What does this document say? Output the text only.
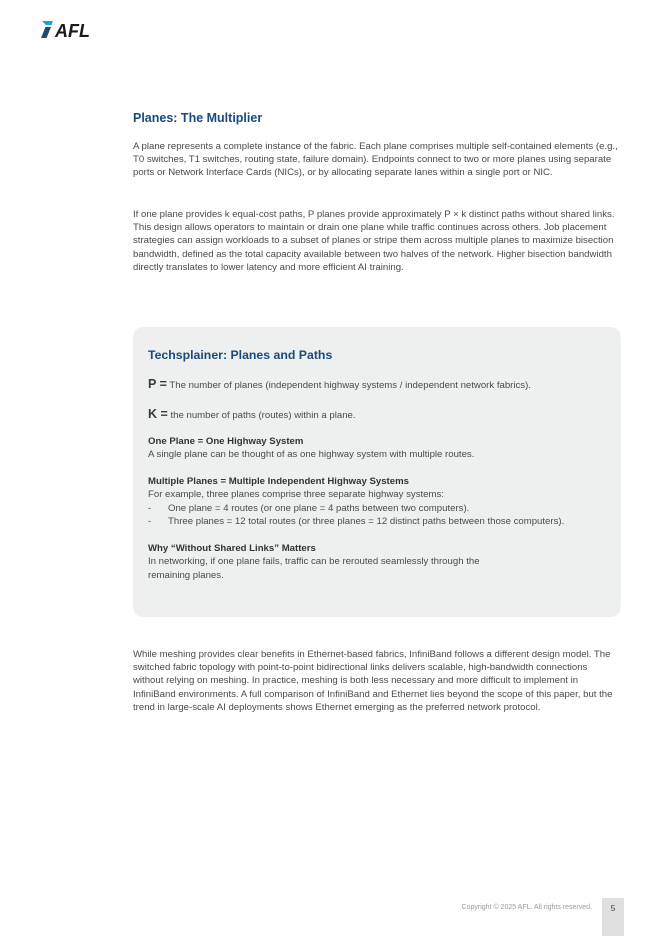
AFL
Planes: The Multiplier

A plane represents a complete instance of the fabric. Each plane comprises multiple self-contained elements (e.g., T0 switches, T1 switches, routing state, failure domain). Endpoints connect to two or more planes using separate ports or Network Interface Cards (NICs), or by allocating separate lanes within a single port or NIC.

If one plane provides k equal-cost paths, P planes provide approximately P × k distinct paths without shared links. This design allows operators to maintain or drain one plane while traffic continues across others. Job placement strategies can assign workloads to a subset of planes or stripe them across multiple planes to maximize bisection bandwidth, defined as the total capacity available between two halves of the network. Higher bisection bandwidth directly translates to lower latency and more efficient AI training.

Techsplainer: Planes and Paths
P = The number of planes (independent highway systems / independent network fabrics).
K = the number of paths (routes) within a plane.
One Plane = One Highway System
A single plane can be thought of as one highway system with multiple routes.
Multiple Planes = Multiple Independent Highway Systems
For example, three planes comprise three separate highway systems:
- One plane = 4 routes (or one plane = 4 paths between two computers).
- Three planes = 12 total routes (or three planes = 12 distinct paths between those computers).
Why “Without Shared Links” Matters
In networking, if one plane fails, traffic can be rerouted seamlessly through the
remaining planes.

While meshing provides clear benefits in Ethernet-based fabrics, InfiniBand follows a different design model. The switched fabric topology with point-to-point bidirectional links delivers scalable, high-bandwidth connections without relying on meshing. In practice, meshing is both less necessary and more difficult to implement in InfiniBand environments. A full comparison of InfiniBand and Ethernet lies beyond the scope of this paper, but the trend in large-scale AI deployments shows Ethernet emerging as the preferred network protocol.

Copyright © 2025 AFL. All rights reserved.	5
